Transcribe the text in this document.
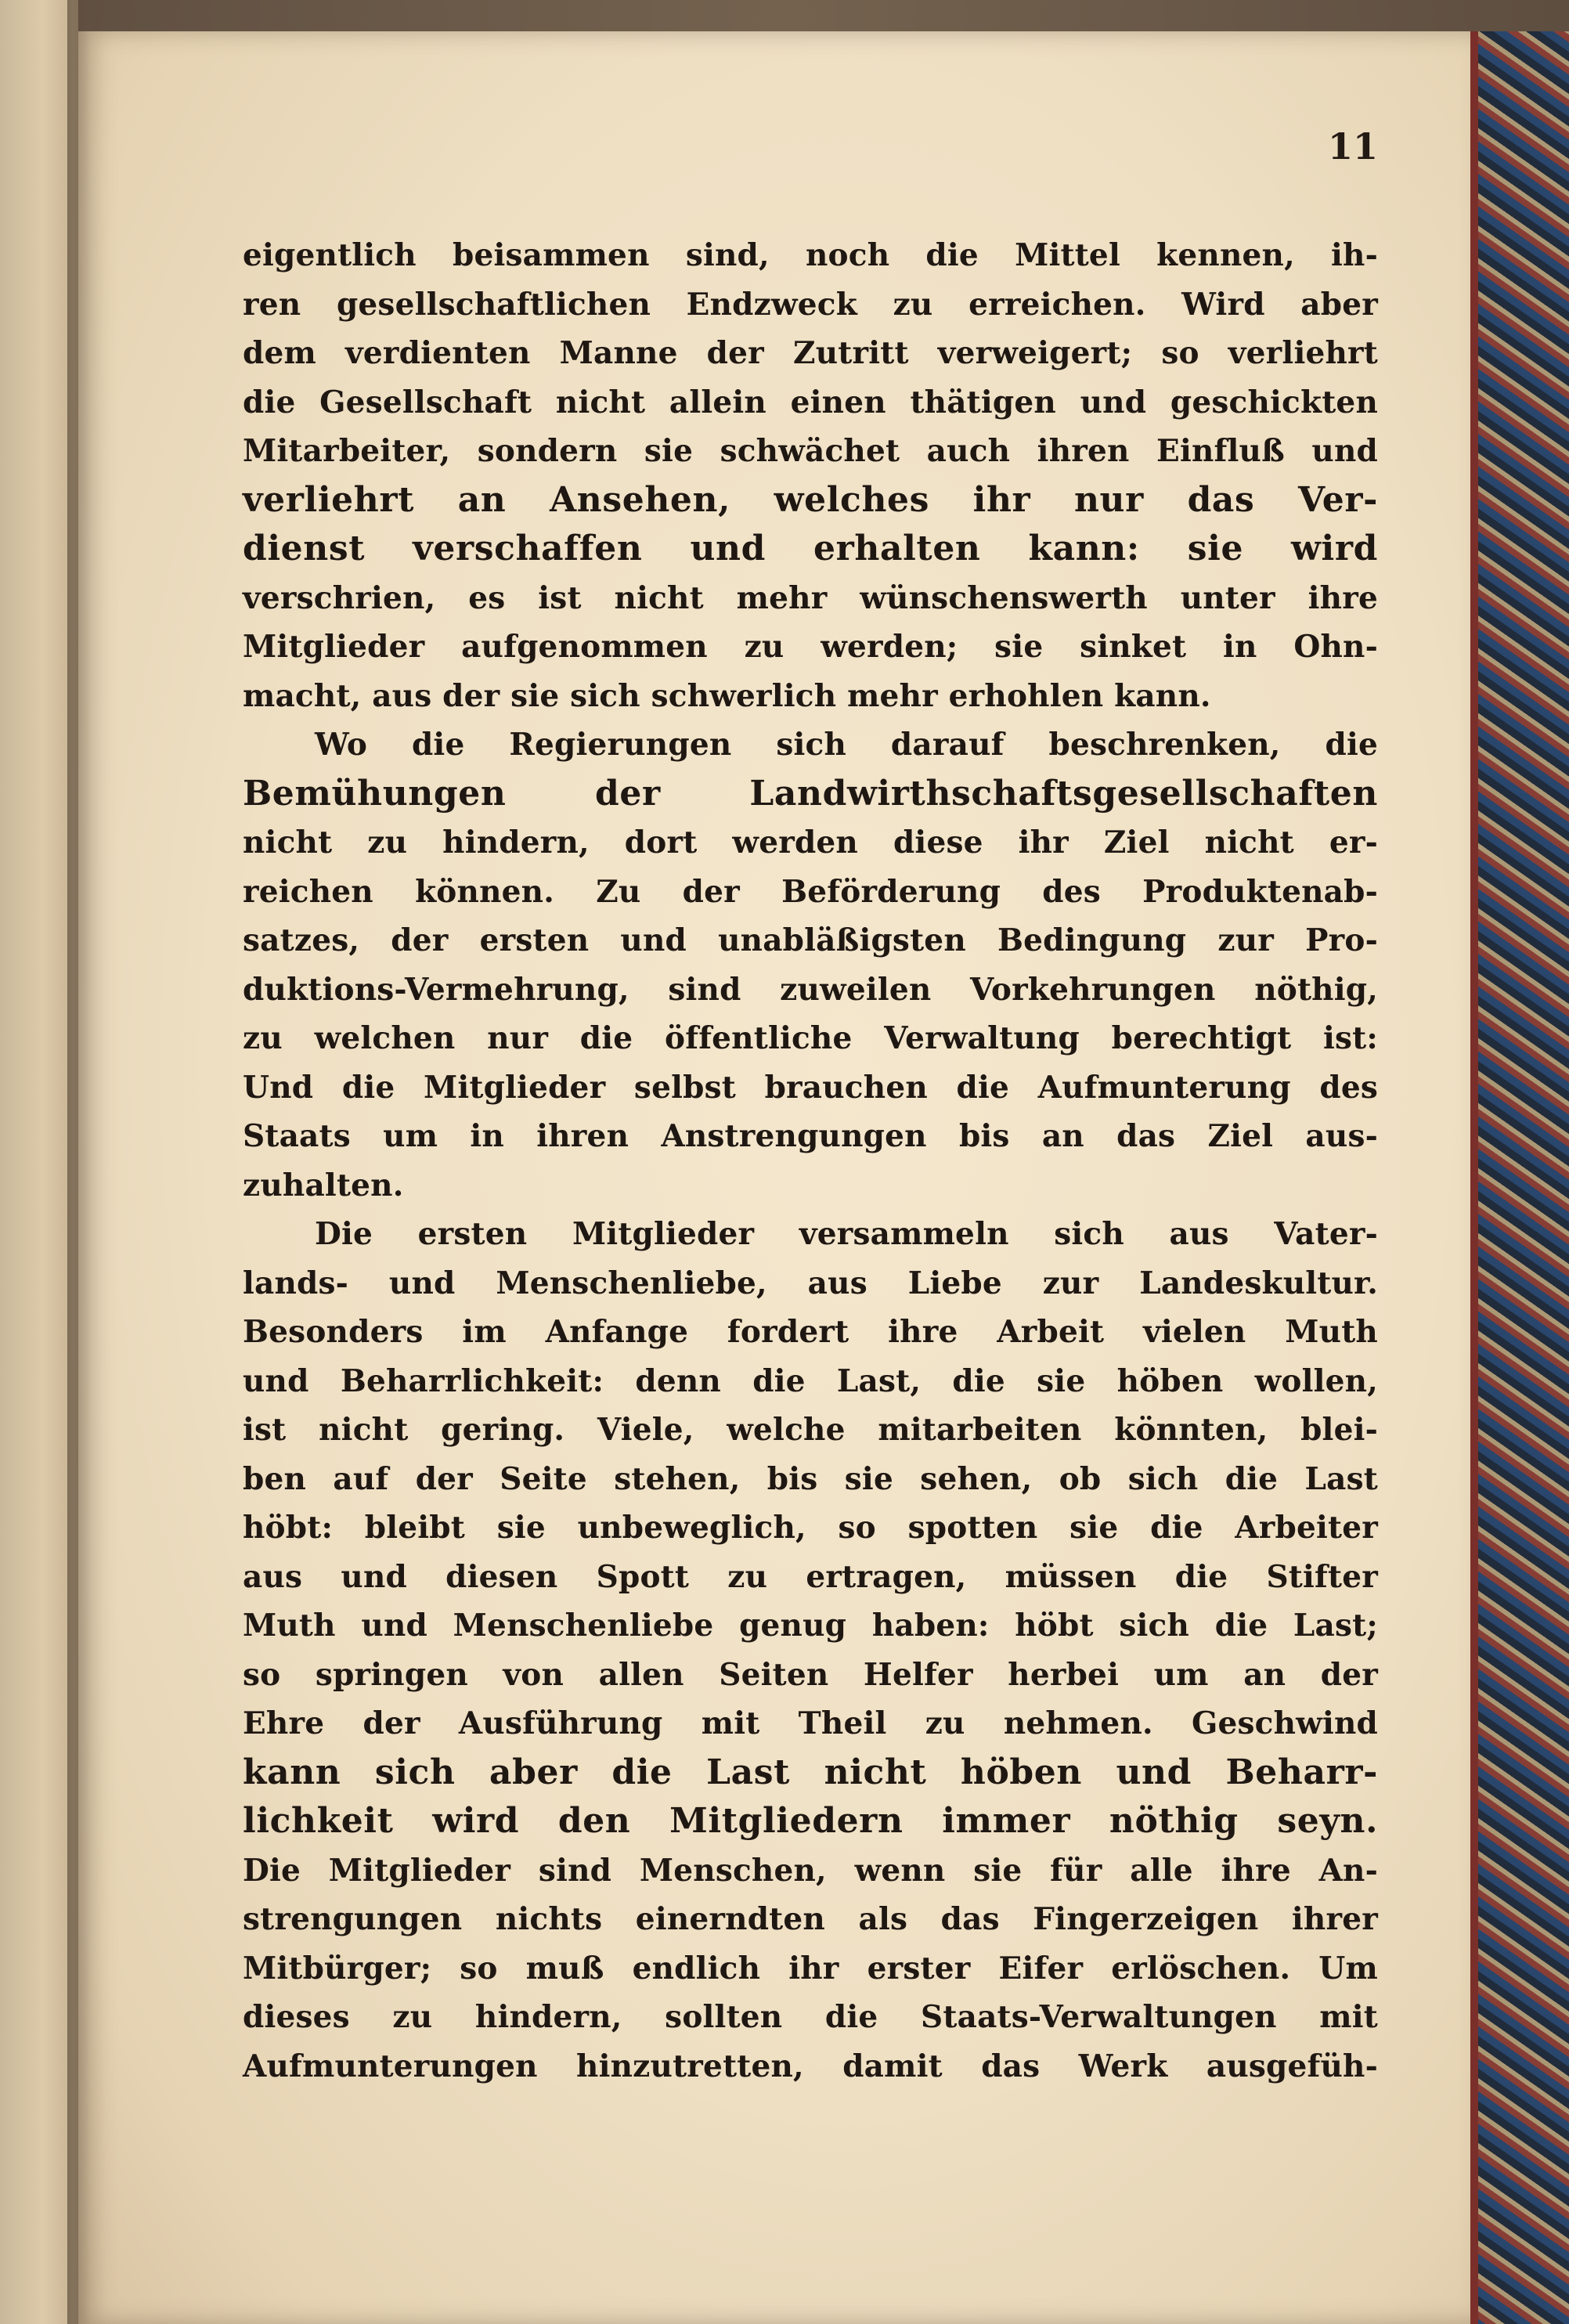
11
eigentlich beisammen sind, noch die Mittel kennen, ih-
ren gesellschaftlichen Endzweck zu erreichen. Wird aber
dem verdienten Manne der Zutritt verweigert; so verliehrt
die Gesellschaft nicht allein einen thätigen und geschickten
Mitarbeiter, sondern sie schwächet auch ihren Einfluß und
verliehrt an Ansehen, welches ihr nur das Ver-
dienst verschaffen und erhalten kann: sie wird
verschrien, es ist nicht mehr wünschenswerth unter ihre
Mitglieder aufgenommen zu werden; sie sinket in Ohn-
macht, aus der sie sich schwerlich mehr erhohlen kann.
Wo die Regierungen sich darauf beschrenken, die
Bemühungen der Landwirthschaftsgesellschaften
nicht zu hindern, dort werden diese ihr Ziel nicht er-
reichen können. Zu der Beförderung des Produktenab-
satzes, der ersten und unabläßigsten Bedingung zur Pro-
duktions-Vermehrung, sind zuweilen Vorkehrungen nöthig,
zu welchen nur die öffentliche Verwaltung berechtigt ist:
Und die Mitglieder selbst brauchen die Aufmunterung des
Staats um in ihren Anstrengungen bis an das Ziel aus-
zuhalten.
Die ersten Mitglieder versammeln sich aus Vater-
lands- und Menschenliebe, aus Liebe zur Landeskultur.
Besonders im Anfange fordert ihre Arbeit vielen Muth
und Beharrlichkeit: denn die Last, die sie höben wollen,
ist nicht gering. Viele, welche mitarbeiten könnten, blei-
ben auf der Seite stehen, bis sie sehen, ob sich die Last
höbt: bleibt sie unbeweglich, so spotten sie die Arbeiter
aus und diesen Spott zu ertragen, müssen die Stifter
Muth und Menschenliebe genug haben: höbt sich die Last;
so springen von allen Seiten Helfer herbei um an der
Ehre der Ausführung mit Theil zu nehmen. Geschwind
kann sich aber die Last nicht höben und Beharr-
lichkeit wird den Mitgliedern immer nöthig seyn.
Die Mitglieder sind Menschen, wenn sie für alle ihre An-
strengungen nichts einerndten als das Fingerzeigen ihrer
Mitbürger; so muß endlich ihr erster Eifer erlöschen. Um
dieses zu hindern, sollten die Staats-Verwaltungen mit
Aufmunterungen hinzutretten, damit das Werk ausgefüh-
